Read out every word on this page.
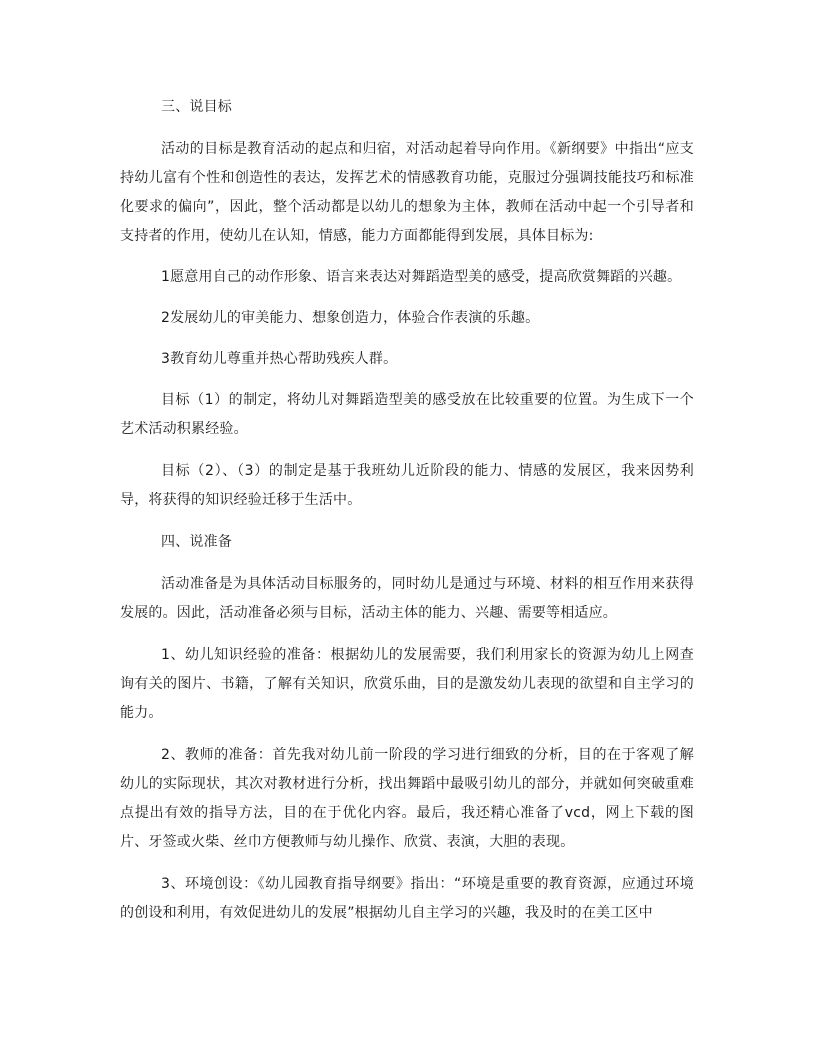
三、说目标

活动的目标是教育活动的起点和归宿，对活动起着导向作用。《新纲要》中指出“应支持幼儿富有个性和创造性的表达，发挥艺术的情感教育功能，克服过分强调技能技巧和标准化要求的偏向”，因此，整个活动都是以幼儿的想象为主体，教师在活动中起一个引导者和支持者的作用，使幼儿在认知，情感，能力方面都能得到发展，具体目标为:

1愿意用自己的动作形象、语言来表达对舞蹈造型美的感受，提高欣赏舞蹈的兴趣。

2发展幼儿的审美能力、想象创造力，体验合作表演的乐趣。

3教育幼儿尊重并热心帮助残疾人群。

目标（1）的制定，将幼儿对舞蹈造型美的感受放在比较重要的位置。为生成下一个艺术活动积累经验。

目标（2）、（3）的制定是基于我班幼儿近阶段的能力、情感的发展区，我来因势利导，将获得的知识经验迁移于生活中。

四、说准备

活动准备是为具体活动目标服务的，同时幼儿是通过与环境、材料的相互作用来获得发展的。因此，活动准备必须与目标，活动主体的能力、兴趣、需要等相适应。

1、幼儿知识经验的准备：根据幼儿的发展需要，我们利用家长的资源为幼儿上网查询有关的图片、书籍，了解有关知识，欣赏乐曲，目的是激发幼儿表现的欲望和自主学习的能力。

2、教师的准备：首先我对幼儿前一阶段的学习进行细致的分析，目的在于客观了解幼儿的实际现状，其次对教材进行分析，找出舞蹈中最吸引幼儿的部分，并就如何突破重难点提出有效的指导方法，目的在于优化内容。最后，我还精心准备了vcd，网上下载的图片、牙签或火柴、丝巾方便教师与幼儿操作、欣赏、表演，大胆的表现。

3、环境创设：《幼儿园教育指导纲要》指出：“环境是重要的教育资源，应通过环境的创设和利用，有效促进幼儿的发展”根据幼儿自主学习的兴趣，我及时的在美工区中
